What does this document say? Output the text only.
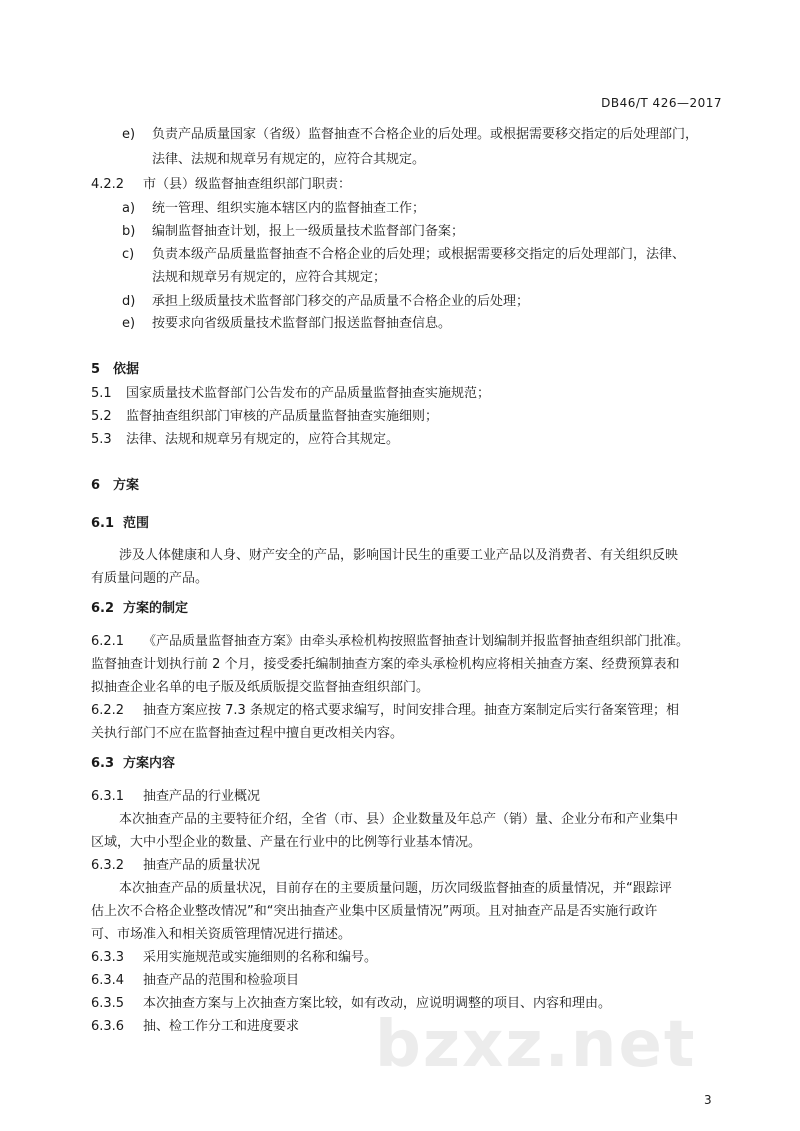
DB46/T 426—2017
e) 负责产品质量国家（省级）监督抽查不合格企业的后处理。或根据需要移交指定的后处理部门，
法律、法规和规章另有规定的，应符合其规定。
4.2.2 市（县）级监督抽查组织部门职责：
a) 统一管理、组织实施本辖区内的监督抽查工作；
b) 编制监督抽查计划，报上一级质量技术监督部门备案；
c) 负责本级产品质量监督抽查不合格企业的后处理；或根据需要移交指定的后处理部门，法律、
法规和规章另有规定的，应符合其规定；
d) 承担上级质量技术监督部门移交的产品质量不合格企业的后处理；
e) 按要求向省级质量技术监督部门报送监督抽查信息。
5 依据
5.1 国家质量技术监督部门公告发布的产品质量监督抽查实施规范；
5.2 监督抽查组织部门审核的产品质量监督抽查实施细则；
5.3 法律、法规和规章另有规定的，应符合其规定。
6 方案
6.1 范围
涉及人体健康和人身、财产安全的产品，影响国计民生的重要工业产品以及消费者、有关组织反映
有质量问题的产品。
6.2 方案的制定
6.2.1 《产品质量监督抽查方案》由牵头承检机构按照监督抽查计划编制并报监督抽查组织部门批准。
监督抽查计划执行前 2 个月，接受委托编制抽查方案的牵头承检机构应将相关抽查方案、经费预算表和
拟抽查企业名单的电子版及纸质版提交监督抽查组织部门。
6.2.2 抽查方案应按 7.3 条规定的格式要求编写，时间安排合理。抽查方案制定后实行备案管理；相
关执行部门不应在监督抽查过程中擅自更改相关内容。
6.3 方案内容
6.3.1 抽查产品的行业概况
本次抽查产品的主要特征介绍，全省（市、县）企业数量及年总产（销）量、企业分布和产业集中
区域，大中小型企业的数量、产量在行业中的比例等行业基本情况。
6.3.2 抽查产品的质量状况
本次抽查产品的质量状况，目前存在的主要质量问题，历次同级监督抽查的质量情况，并“跟踪评
估上次不合格企业整改情况”和“突出抽查产业集中区质量情况”两项。且对抽查产品是否实施行政许
可、市场准入和相关资质管理情况进行描述。
6.3.3 采用实施规范或实施细则的名称和编号。
6.3.4 抽查产品的范围和检验项目
6.3.5 本次抽查方案与上次抽查方案比较，如有改动，应说明调整的项目、内容和理由。
6.3.6 抽、检工作分工和进度要求 bzxz.net
3
